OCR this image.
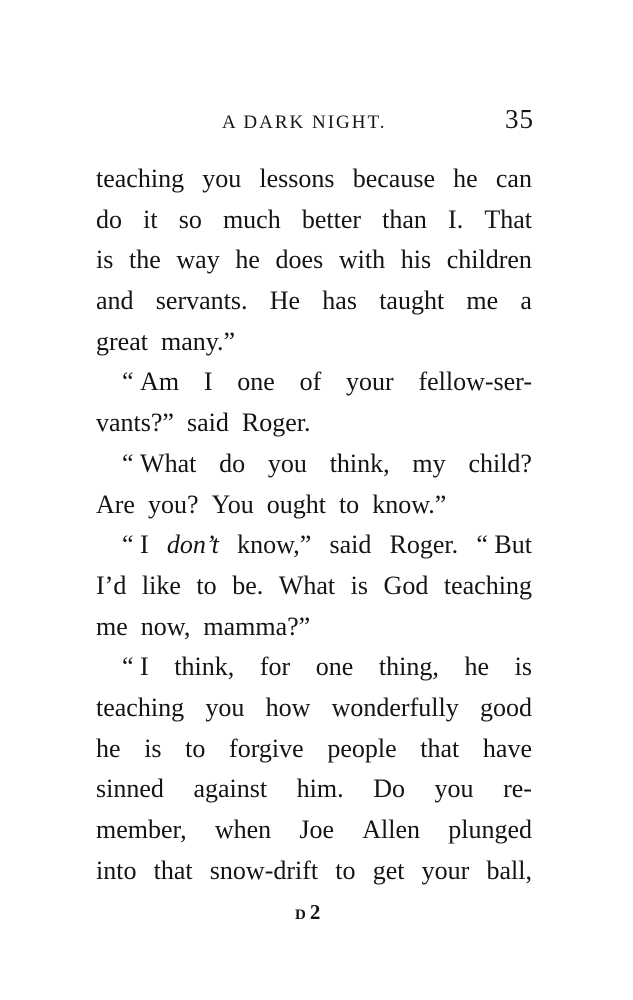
A DARK NIGHT.	35
teaching you lessons because he can
do it so much better than I. That
is the way he does with his children
and servants. He has taught me a
great many.”
“ Am I one of your fellow-ser-
vants?” said Roger.
“ What do you think, my child?
Are you? You ought to know.”
“ I don’t know,” said Roger. “ But
I’d like to be. What is God teaching
me now, mamma?”
“ I think, for one thing, he is
teaching you how wonderfully good
he is to forgive people that have
sinned against him. Do you re-
member, when Joe Allen plunged
into that snow-drift to get your ball,
D2
